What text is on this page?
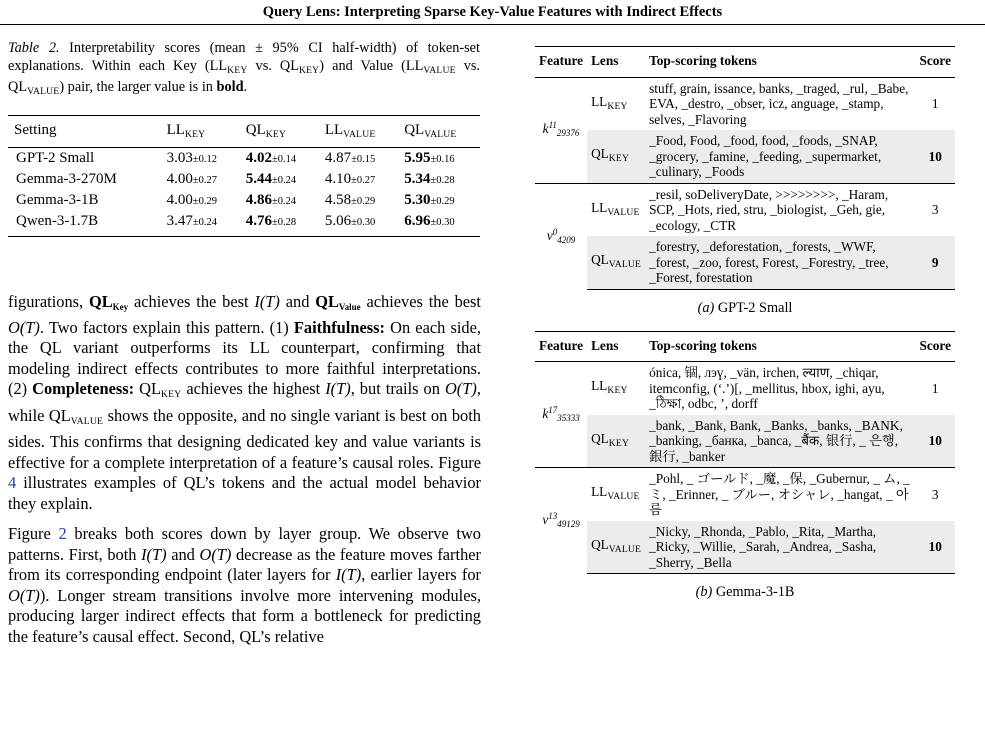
Query Lens: Interpreting Sparse Key-Value Features with Indirect Effects
Table 2. Interpretability scores (mean ± 95% CI half-width) of token-set explanations. Within each Key ($LL_{KEY}$ vs. $QL_{KEY}$) and Value ($LL_{VALUE}$ vs. $QL_{VALUE}$) pair, the larger value is in bold.
Setting	$LL_{KEY}$	$QL_{KEY}$	$LL_{VALUE}$	$QL_{VALUE}$
GPT-2 Small	3.03±0.12	4.02±0.14	4.87±0.15	5.95±0.16
Gemma-3-270M	4.00±0.27	5.44±0.24	4.10±0.27	5.34±0.28
Gemma-3-1B	4.00±0.29	4.86±0.24	4.58±0.29	5.30±0.29
Qwen-3-1.7B	3.47±0.24	4.76±0.28	5.06±0.30	6.96±0.30

figurations, $QL_{Key}$ achieves the best I(T) and $QL_{Value}$ achieves the best O(T). Two factors explain this pattern. (1) Faithfulness: On each side, the QL variant outperforms its LL counterpart, confirming that modeling indirect effects contributes to more faithful interpretations. (2) Completeness: $QL_{KEY}$ achieves the highest I(T), but trails on O(T), while $QL_{VALUE}$ shows the opposite, and no single variant is best on both sides. This confirms that designing dedicated key and value variants is effective for a complete interpretation of a feature’s causal roles. Figure 4 illustrates examples of QL’s tokens and the actual model behavior they explain.

Figure 2 breaks both scores down by layer group. We observe two patterns. First, both I(T) and O(T) decrease as the feature moves farther from its corresponding endpoint (later layers for I(T), earlier layers for O(T)). Longer stream transitions involve more intervening modules, producing larger indirect effects that form a bottleneck for predicting the feature’s causal effect. Second, QL’s relative

Feature	Lens	Top-scoring tokens	Score
$k^{11}_{29376}$	$LL_{KEY}$	stuff, grain, issance, banks, _traged, _rul, _Babe, EVA, _destro, _obser, icz, anguage, _stamp, selves, _Flavoring	1
	$QL_{KEY}$	_Food, Food, _food, food, _foods, _SNAP, _grocery, _famine, _feeding, _supermarket, _culinary, _Foods	10
$v^0_{4209}$	$LL_{VALUE}$	_resil, soDeliveryDate, >>>>>>>>, _Haram, SCP, _Hots, ried, stru, _biologist, _Geh, gie, _ecology, _CTR	3
	$QL_{VALUE}$	_forestry, _deforestation, _forests, _WWF, _forest, _zoo, forest, Forest, _Forestry, _tree, _Forest, forestation	9
(a) GPT-2 Small
Feature	Lens	Top-scoring tokens	Score
$k^{17}_{35333}$	$LL_{KEY}$	ónica, 锢, лэү, _vän, irchen, ल्याण, _chiqar, itemconfig, (‘.’)[, _mellitus, hbox, ighi, ayu, _ঠিক্ষা, odbc, ’, dorff	1
	$QL_{KEY}$	_bank, _Bank, Bank, _Banks, _banks, _BANK, _banking, _банка, _banca, _बैंक, 银行, _ 은행, 銀行, _banker	10
$v^{13}_{49129}$	$LL_{VALUE}$	_Pohl, _ ゴールド, _魔, _保, _Gubernur, _ ム, _ ミ, _Erinner, _ ブルー, オシャレ, _hangat, _ 아름	3
	$QL_{VALUE}$	_Nicky, _Rhonda, _Pablo, _Rita, _Martha, _Ricky, _Willie, _Sarah, _Andrea, _Sasha, _Sherry, _Bella	10
(b) Gemma-3-1B
